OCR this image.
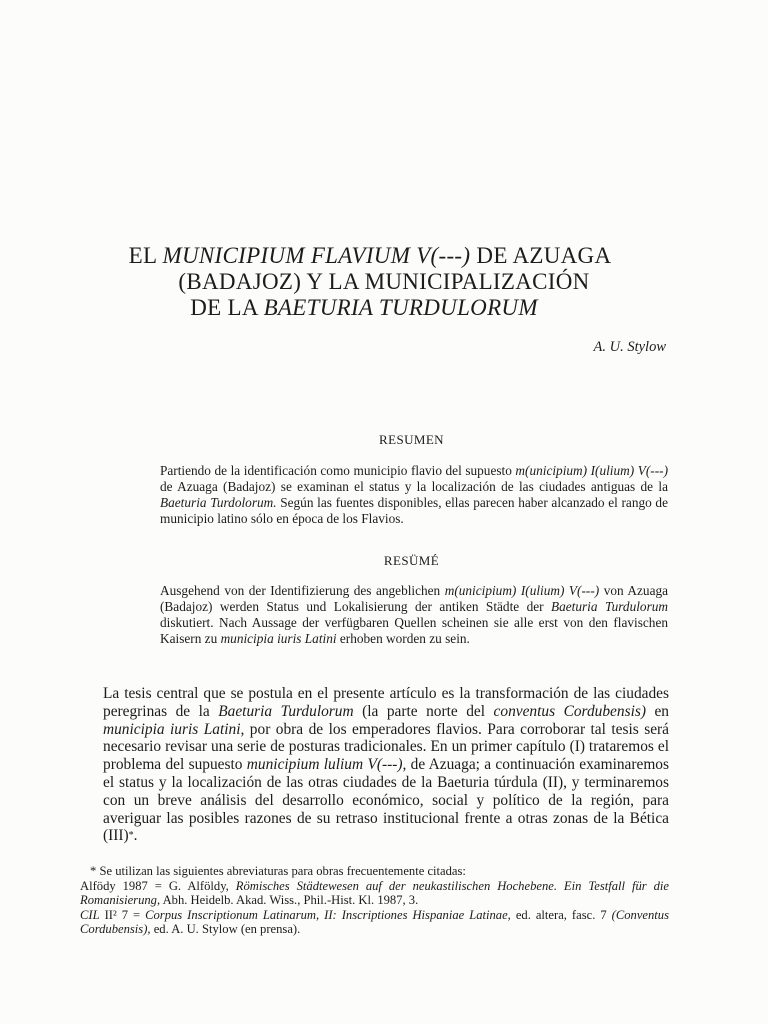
EL MUNICIPIUM FLAVIUM V(---) DE AZUAGA
(BADAJOZ) Y LA MUNICIPALIZACIÓN
DE LA BAETURIA TURDULORUM
A. U. Stylow
RESUMEN

Partiendo de la identificación como municipio flavio del supuesto m(unicipium) I(ulium) V(---) de Azuaga (Badajoz) se examinan el status y la localización de las ciudades antiguas de la Baeturia Turdolorum. Según las fuentes disponibles, ellas parecen haber alcanzado el rango de municipio latino sólo en época de los Flavios.

RESÜMÉ

Ausgehend von der Identifizierung des angeblichen m(unicipium) I(ulium) V(---) von Azuaga (Badajoz) werden Status und Lokalisierung der antiken Städte der Baeturia Turdulorum diskutiert. Nach Aussage der verfügbaren Quellen scheinen sie alle erst von den flavischen Kaisern zu municipia iuris Latini erhoben worden zu sein.

La tesis central que se postula en el presente artículo es la transformación de las ciudades peregrinas de la Baeturia Turdulorum (la parte norte del conventus Cordubensis) en municipia iuris Latini, por obra de los emperadores flavios. Para corroborar tal tesis será necesario revisar una serie de posturas tradicionales. En un primer capítulo (I) trataremos el problema del supuesto municipium lulium V(---), de Azuaga; a continuación examinaremos el status y la localización de las otras ciudades de la Baeturia túrdula (II), y terminaremos con un breve análisis del desarrollo económico, social y político de la región, para averiguar las posibles razones de su retraso institucional frente a otras zonas de la Bética (III)*.

* Se utilizan las siguientes abreviaturas para obras frecuentemente citadas:
Alfödy 1987 = G. Alföldy, Römisches Städtewesen auf der neukastilischen Hochebene. Ein Testfall für die Romanisierung, Abh. Heidelb. Akad. Wiss., Phil.-Hist. Kl. 1987, 3.
CIL II² 7 = Corpus Inscriptionum Latinarum, II: Inscriptiones Hispaniae Latinae, ed. altera, fasc. 7 (Conventus Cordubensis), ed. A. U. Stylow (en prensa).
